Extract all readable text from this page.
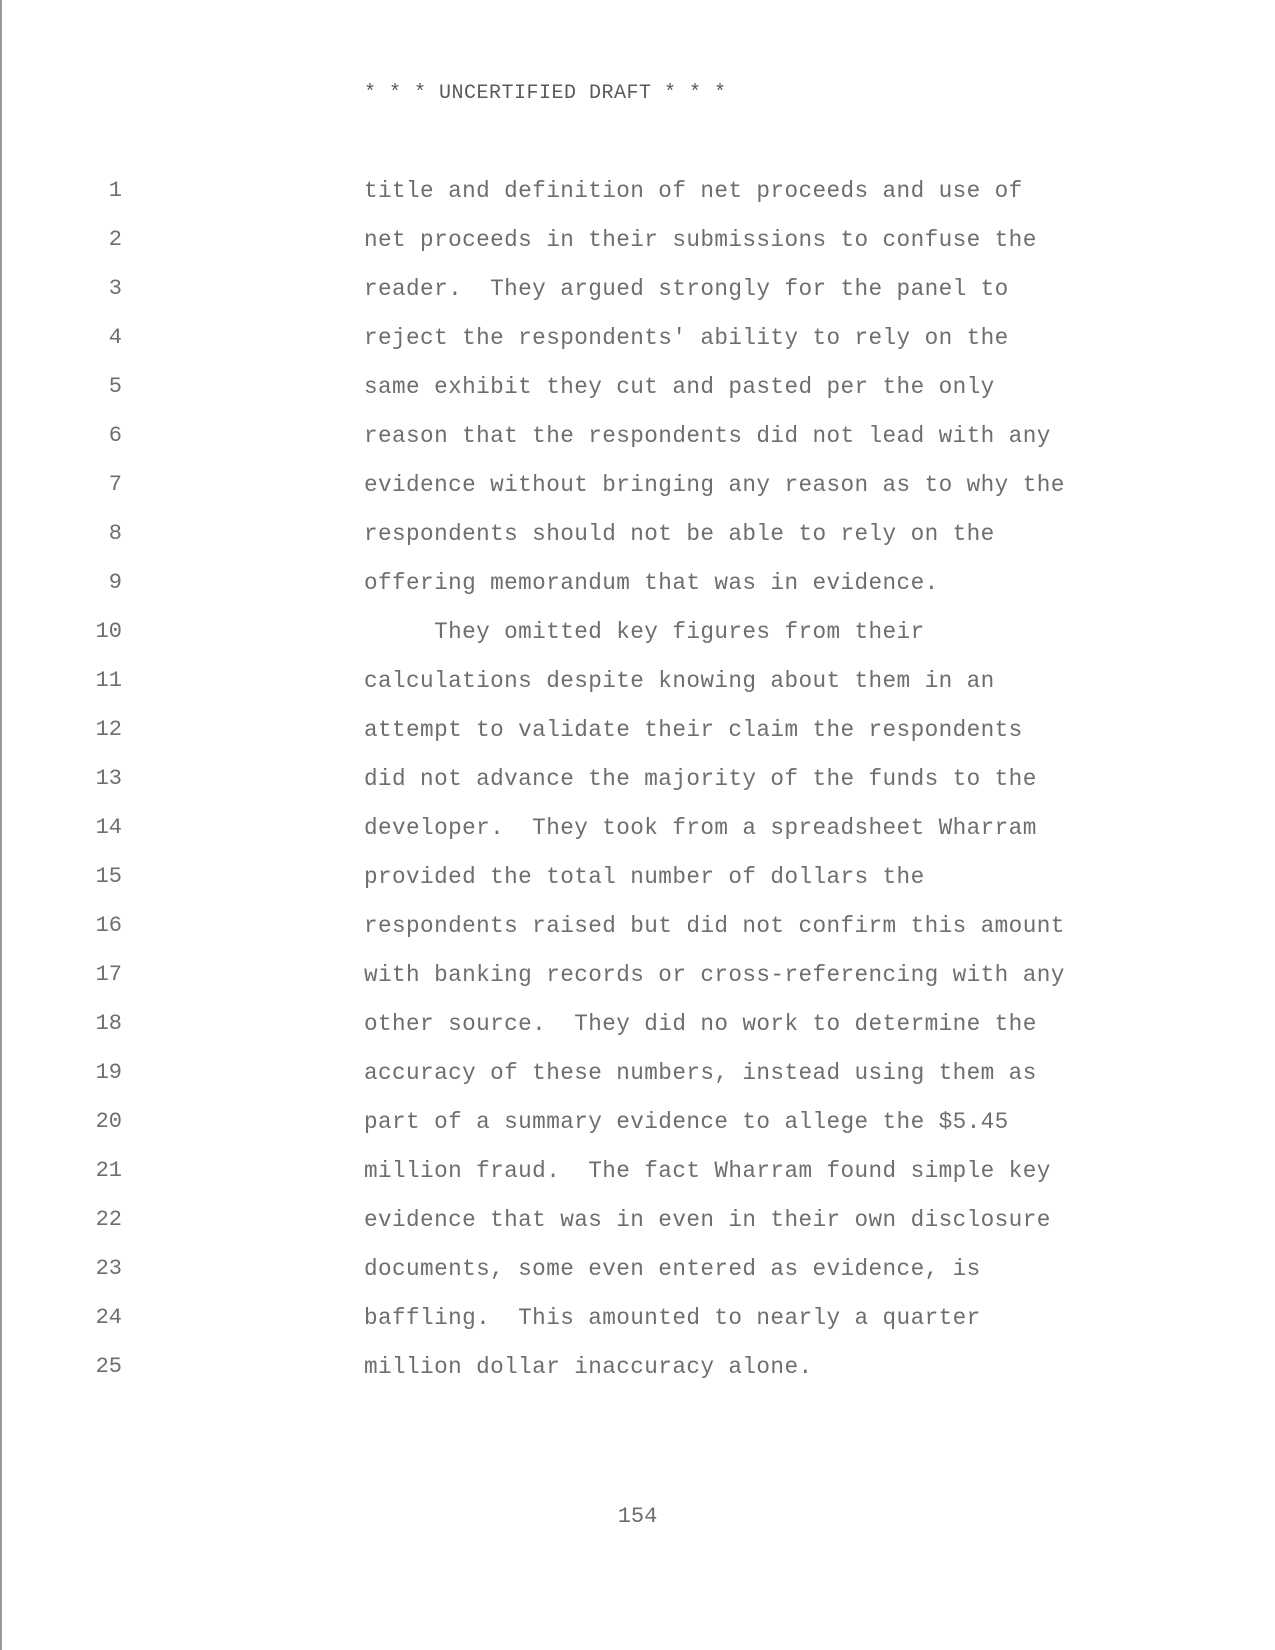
* * * UNCERTIFIED DRAFT * * *
1	title and definition of net proceeds and use of
2	net proceeds in their submissions to confuse the
3	reader.  They argued strongly for the panel to
4	reject the respondents' ability to rely on the
5	same exhibit they cut and pasted per the only
6	reason that the respondents did not lead with any
7	evidence without bringing any reason as to why the
8	respondents should not be able to rely on the
9	offering memorandum that was in evidence.
10	They omitted key figures from their
11	calculations despite knowing about them in an
12	attempt to validate their claim the respondents
13	did not advance the majority of the funds to the
14	developer.  They took from a spreadsheet Wharram
15	provided the total number of dollars the
16	respondents raised but did not confirm this amount
17	with banking records or cross-referencing with any
18	other source.  They did no work to determine the
19	accuracy of these numbers, instead using them as
20	part of a summary evidence to allege the $5.45
21	million fraud.  The fact Wharram found simple key
22	evidence that was in even in their own disclosure
23	documents, some even entered as evidence, is
24	baffling.  This amounted to nearly a quarter
25	million dollar inaccuracy alone.
154
